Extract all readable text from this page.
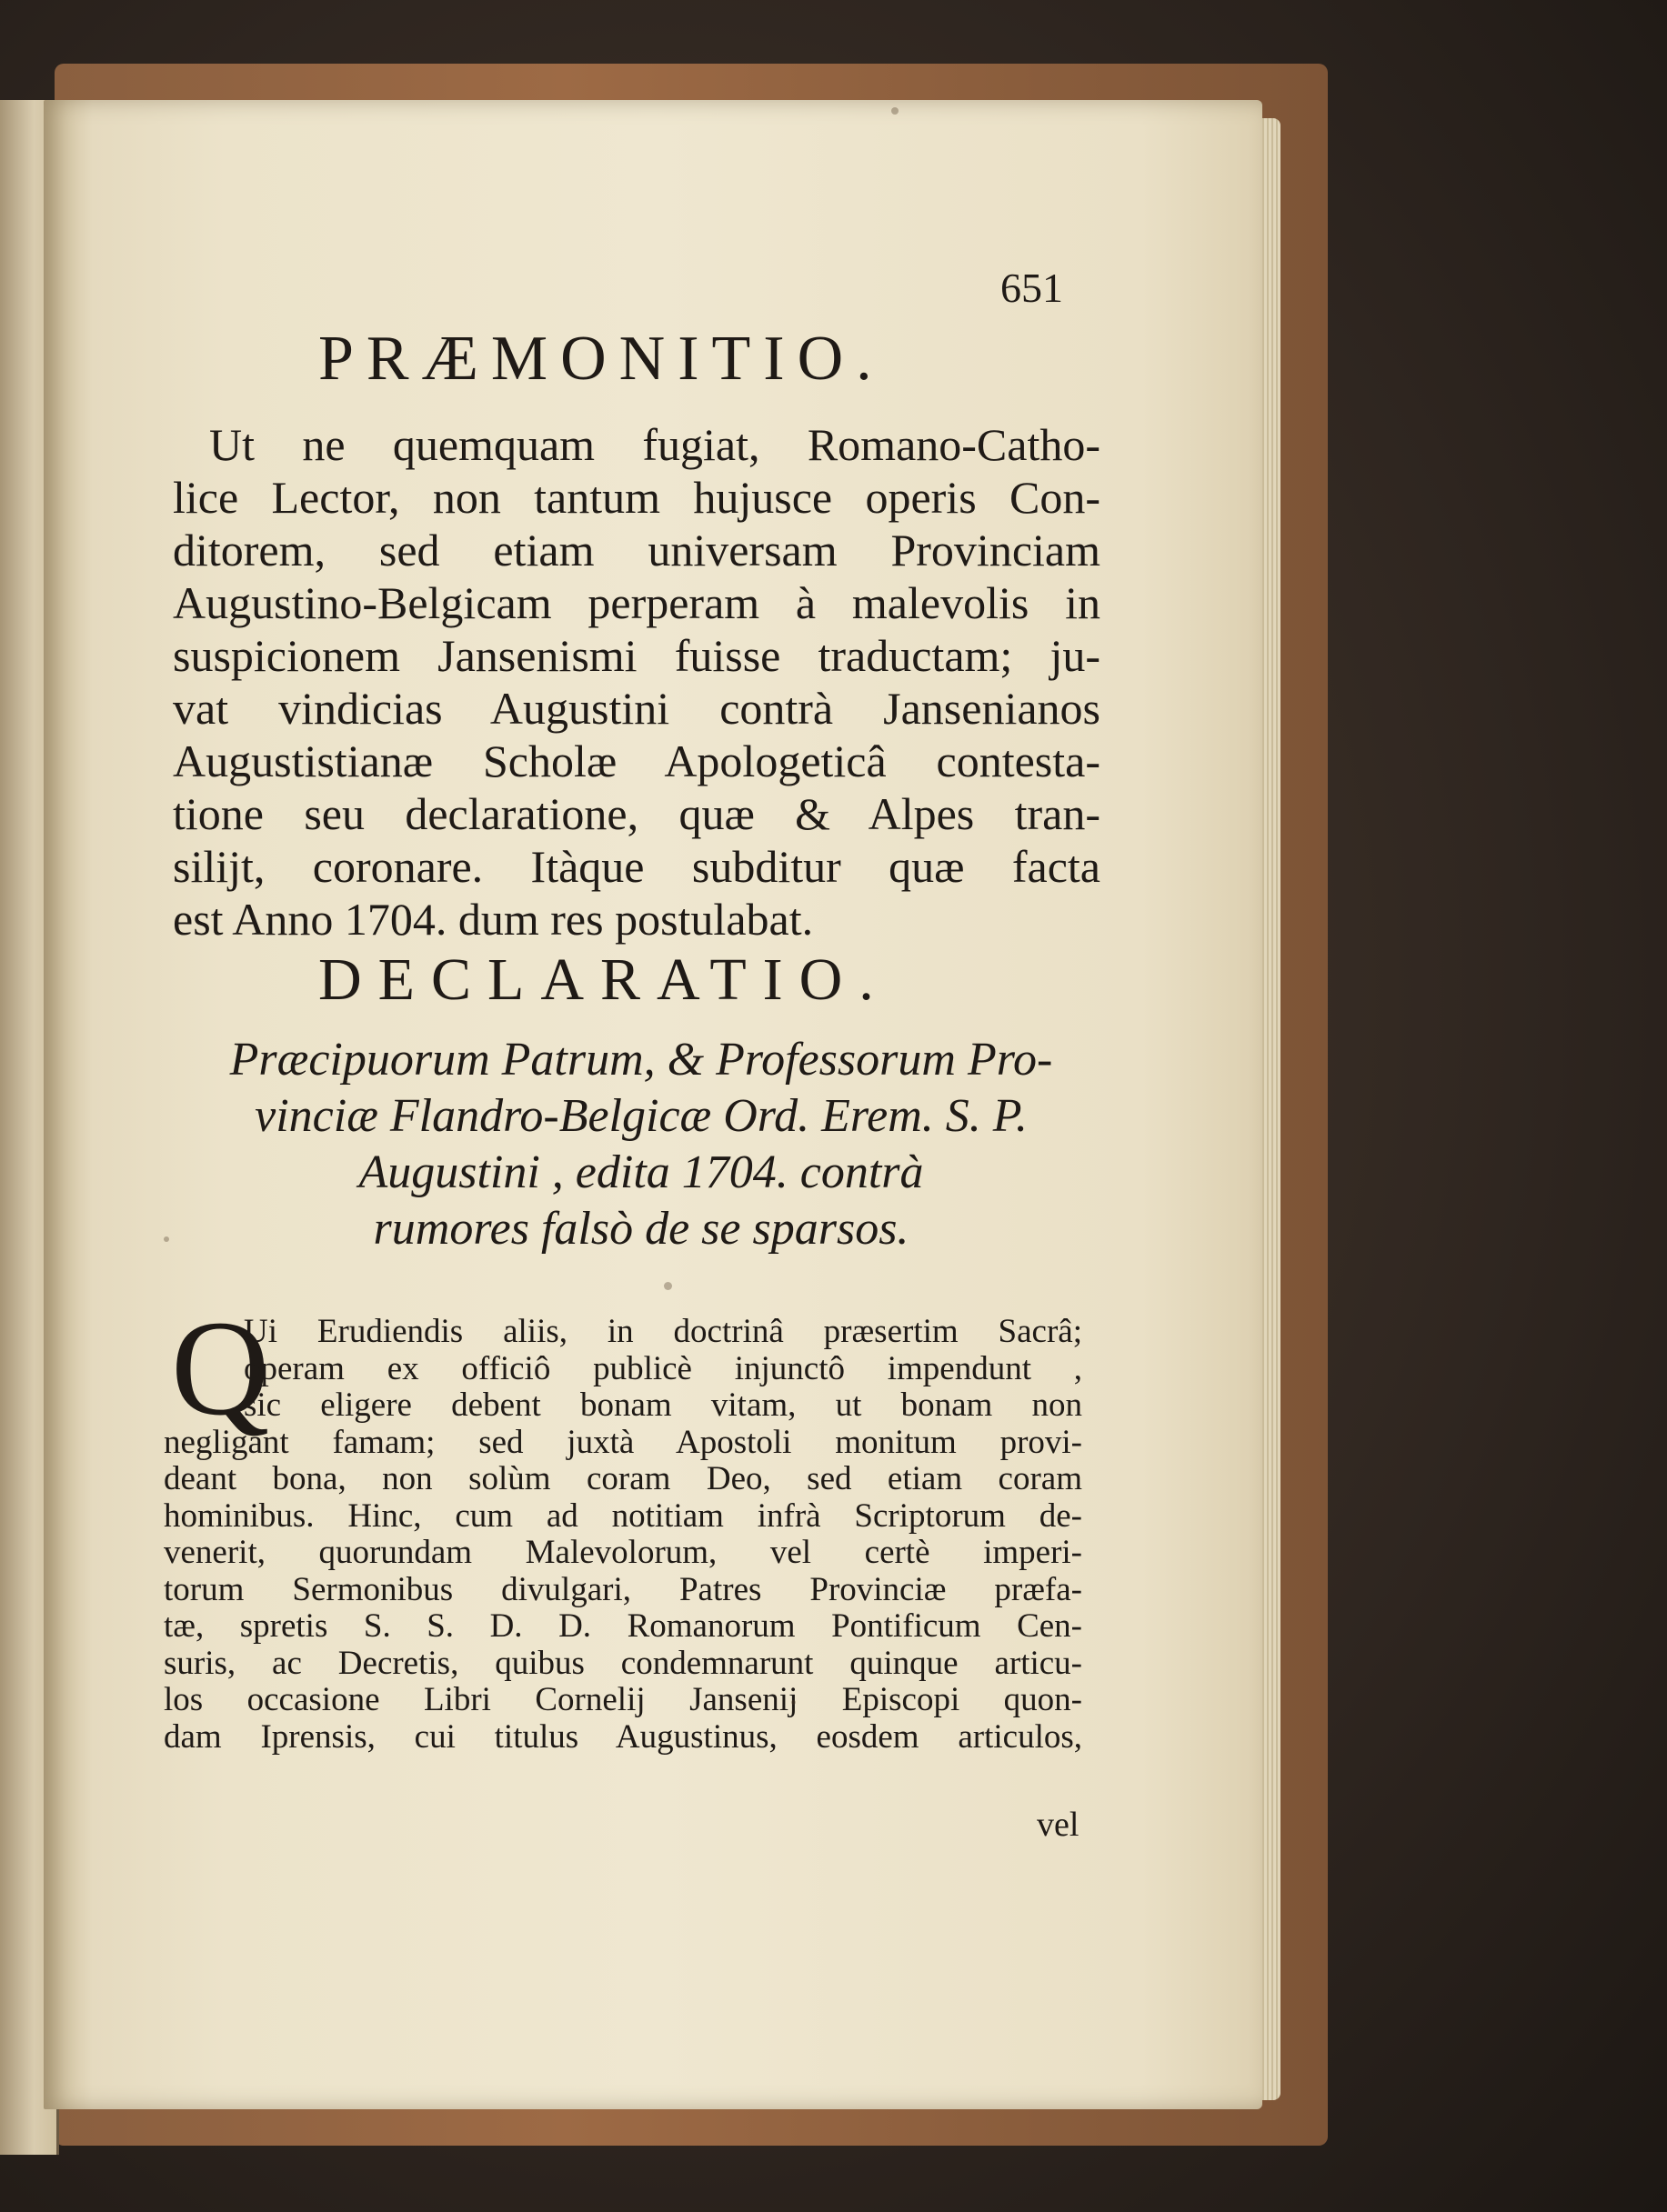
651
PRÆMONITIO.
Ut ne quemquam fugiat, Romano-Catho-
lice Lector, non tantum hujusce operis Con-
ditorem, sed etiam universam Provinciam
Augustino-Belgicam perperam à malevolis in
suspicionem Jansenismi fuisse traductam; ju-
vat vindicias Augustini contrà Jansenianos
Augustistianæ Scholæ Apologeticâ contesta-
tione seu declaratione, quæ & Alpes tran-
silijt, coronare. Itàque subditur quæ facta
est Anno 1704. dum res postulabat.
DECLARATIO.
Præcipuorum Patrum, & Professorum Pro-
vinciæ Flandro-Belgicæ Ord. Erem. S. P.
Augustini , edita 1704. contrà
rumores falsò de se sparsos.
Q
Ui Erudiendis aliis, in doctrinâ præsertim Sacrâ;
operam ex officiô publicè injunctô impendunt ,
sic eligere debent bonam vitam, ut bonam non
negligant famam; sed juxtà Apostoli monitum provi-
deant bona, non solùm coram Deo, sed etiam coram
hominibus. Hinc, cum ad notitiam infrà Scriptorum de-
venerit, quorundam Malevolorum, vel certè imperi-
torum Sermonibus divulgari, Patres Provinciæ præfa-
tæ, spretis S. S. D. D. Romanorum Pontificum Cen-
suris, ac Decretis, quibus condemnarunt quinque articu-
los occasione Libri Cornelij Jansenij Episcopi quon-
dam Iprensis, cui titulus Augustinus, eosdem articulos,
vel
